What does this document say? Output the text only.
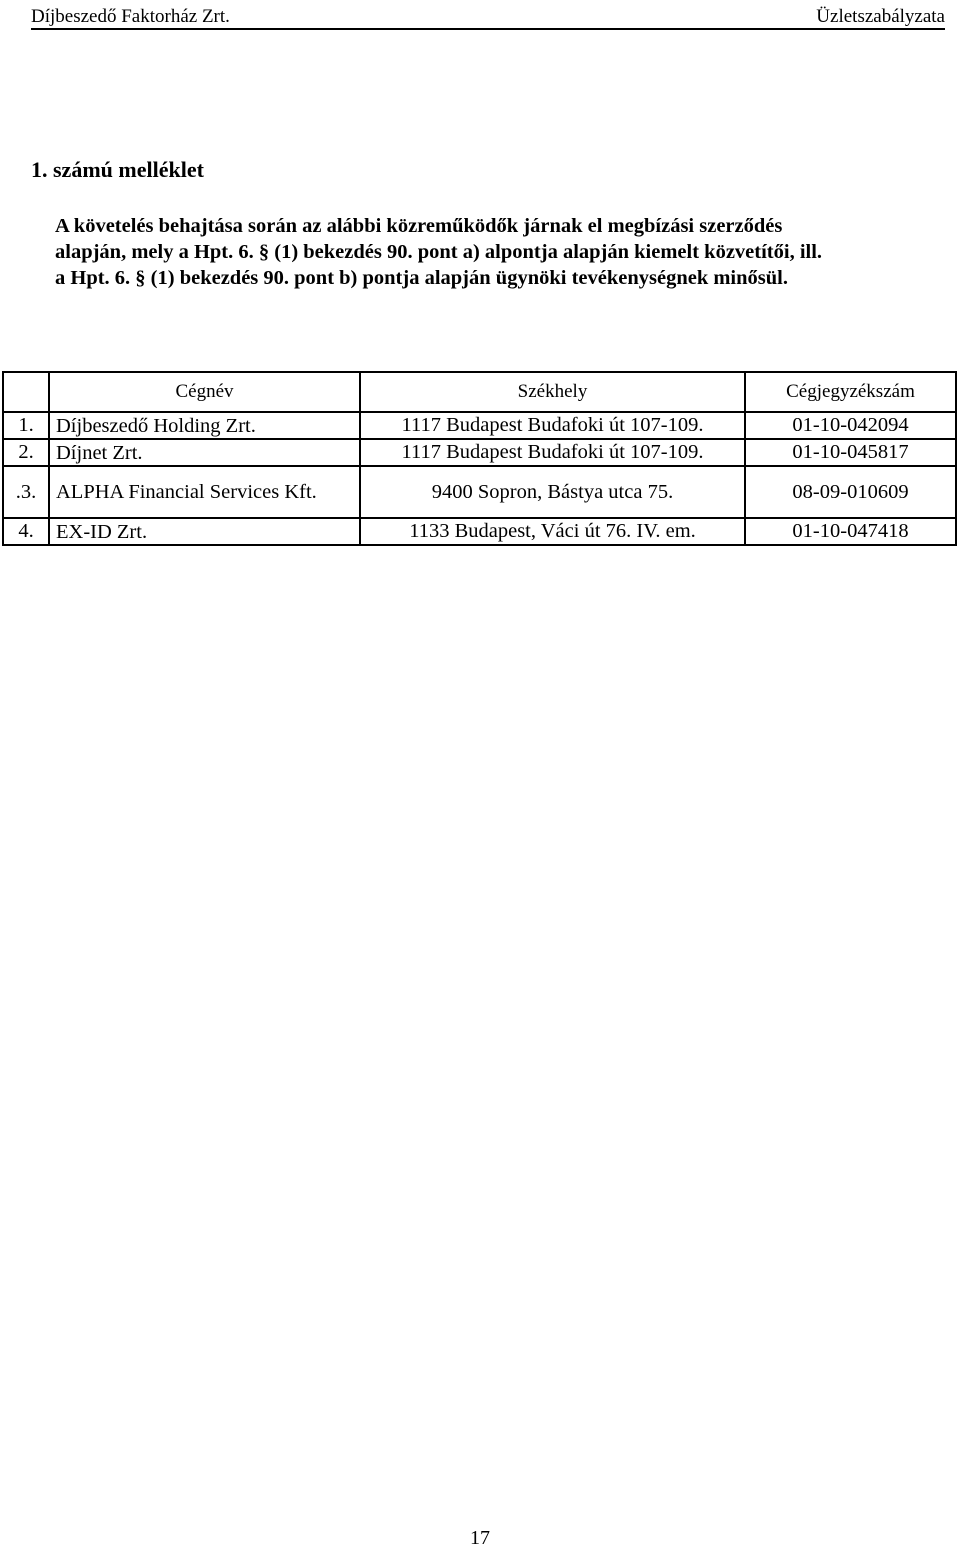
Díjbeszedő Faktorház Zrt.	Üzletszabályzata
1. számú melléklet
A követelés behajtása során az alábbi közreműködők járnak el megbízási szerződés
alapján, mely a Hpt. 6. § (1) bekezdés 90. pont a) alpontja alapján kiemelt közvetítői, ill.
a Hpt. 6. § (1) bekezdés 90. pont b) pontja alapján ügynöki tevékenységnek minősül.
	Cégnév	Székhely	Cégjegyzékszám
1.	Díjbeszedő Holding Zrt.	1117 Budapest Budafoki út 107-109.	01-10-042094
2.	Díjnet Zrt.	1117 Budapest Budafoki út 107-109.	01-10-045817
.3.	ALPHA Financial Services Kft.	9400 Sopron, Bástya utca 75.	08-09-010609
4.	EX-ID Zrt.	1133 Budapest, Váci út 76. IV. em.	01-10-047418
17
